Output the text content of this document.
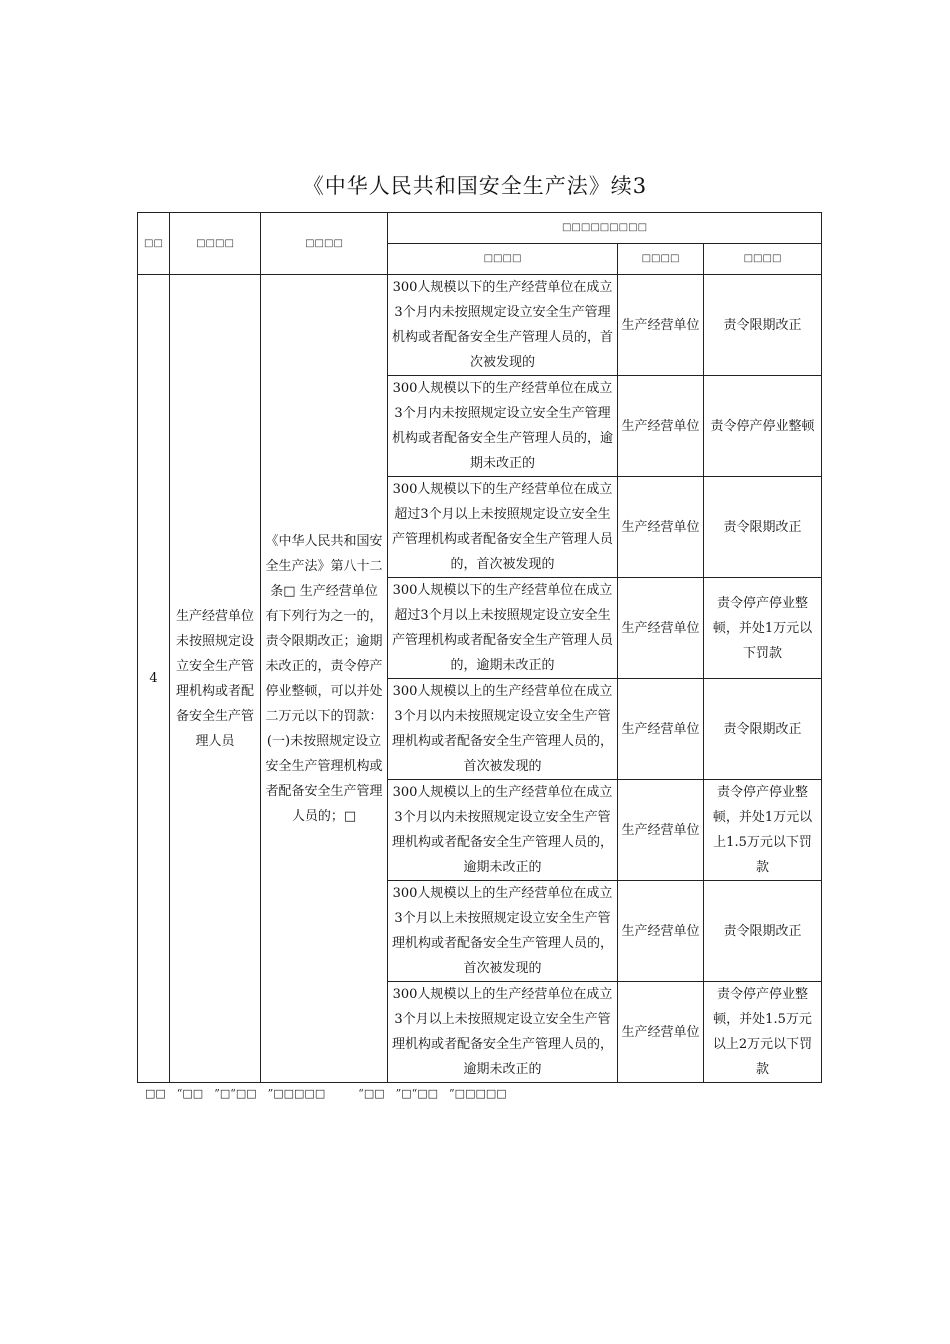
《中华人民共和国安全生产法》续3
□□	□□□□	□□□□	□□□□□□□□□		
			□□□□	□□□□	□□□□
4	生产经营单位未按照规定设立安全生产管理机构或者配备安全生产管理人员	《中华人民共和国安全生产法》第八十二条□ 生产经营单位有下列行为之一的，责令限期改正；逾期未改正的，责令停产停业整顿，可以并处二万元以下的罚款：(一)未按照规定设立安全生产管理机构或者配备安全生产管理人员的；□	300人规模以下的生产经营单位在成立3个月内未按照规定设立安全生产管理机构或者配备安全生产管理人员的，首次被发现的	生产经营单位	责令限期改正
			300人规模以下的生产经营单位在成立3个月内未按照规定设立安全生产管理机构或者配备安全生产管理人员的，逾期未改正的	生产经营单位	责令停产停业整顿
			300人规模以下的生产经营单位在成立超过3个月以上未按照规定设立安全生产管理机构或者配备安全生产管理人员的，首次被发现的	生产经营单位	责令限期改正
			300人规模以下的生产经营单位在成立超过3个月以上未按照规定设立安全生产管理机构或者配备安全生产管理人员的，逾期未改正的	生产经营单位	责令停产停业整顿，并处1万元以下罚款
			300人规模以上的生产经营单位在成立3个月以内未按照规定设立安全生产管理机构或者配备安全生产管理人员的，首次被发现的	生产经营单位	责令限期改正
			300人规模以上的生产经营单位在成立3个月以内未按照规定设立安全生产管理机构或者配备安全生产管理人员的，逾期未改正的	生产经营单位	责令停产停业整顿，并处1万元以上1.5万元以下罚款
			300人规模以上的生产经营单位在成立3个月以上未按照规定设立安全生产管理机构或者配备安全生产管理人员的，首次被发现的	生产经营单位	责令限期改正
			300人规模以上的生产经营单位在成立3个月以上未按照规定设立安全生产管理机构或者配备安全生产管理人员的，逾期未改正的	生产经营单位	责令停产停业整顿，并处1.5万元以上2万元以下罚款
□□　“□□　”□“□□　”□□□□□　　　“□□　”□“□□　”□□□□□
